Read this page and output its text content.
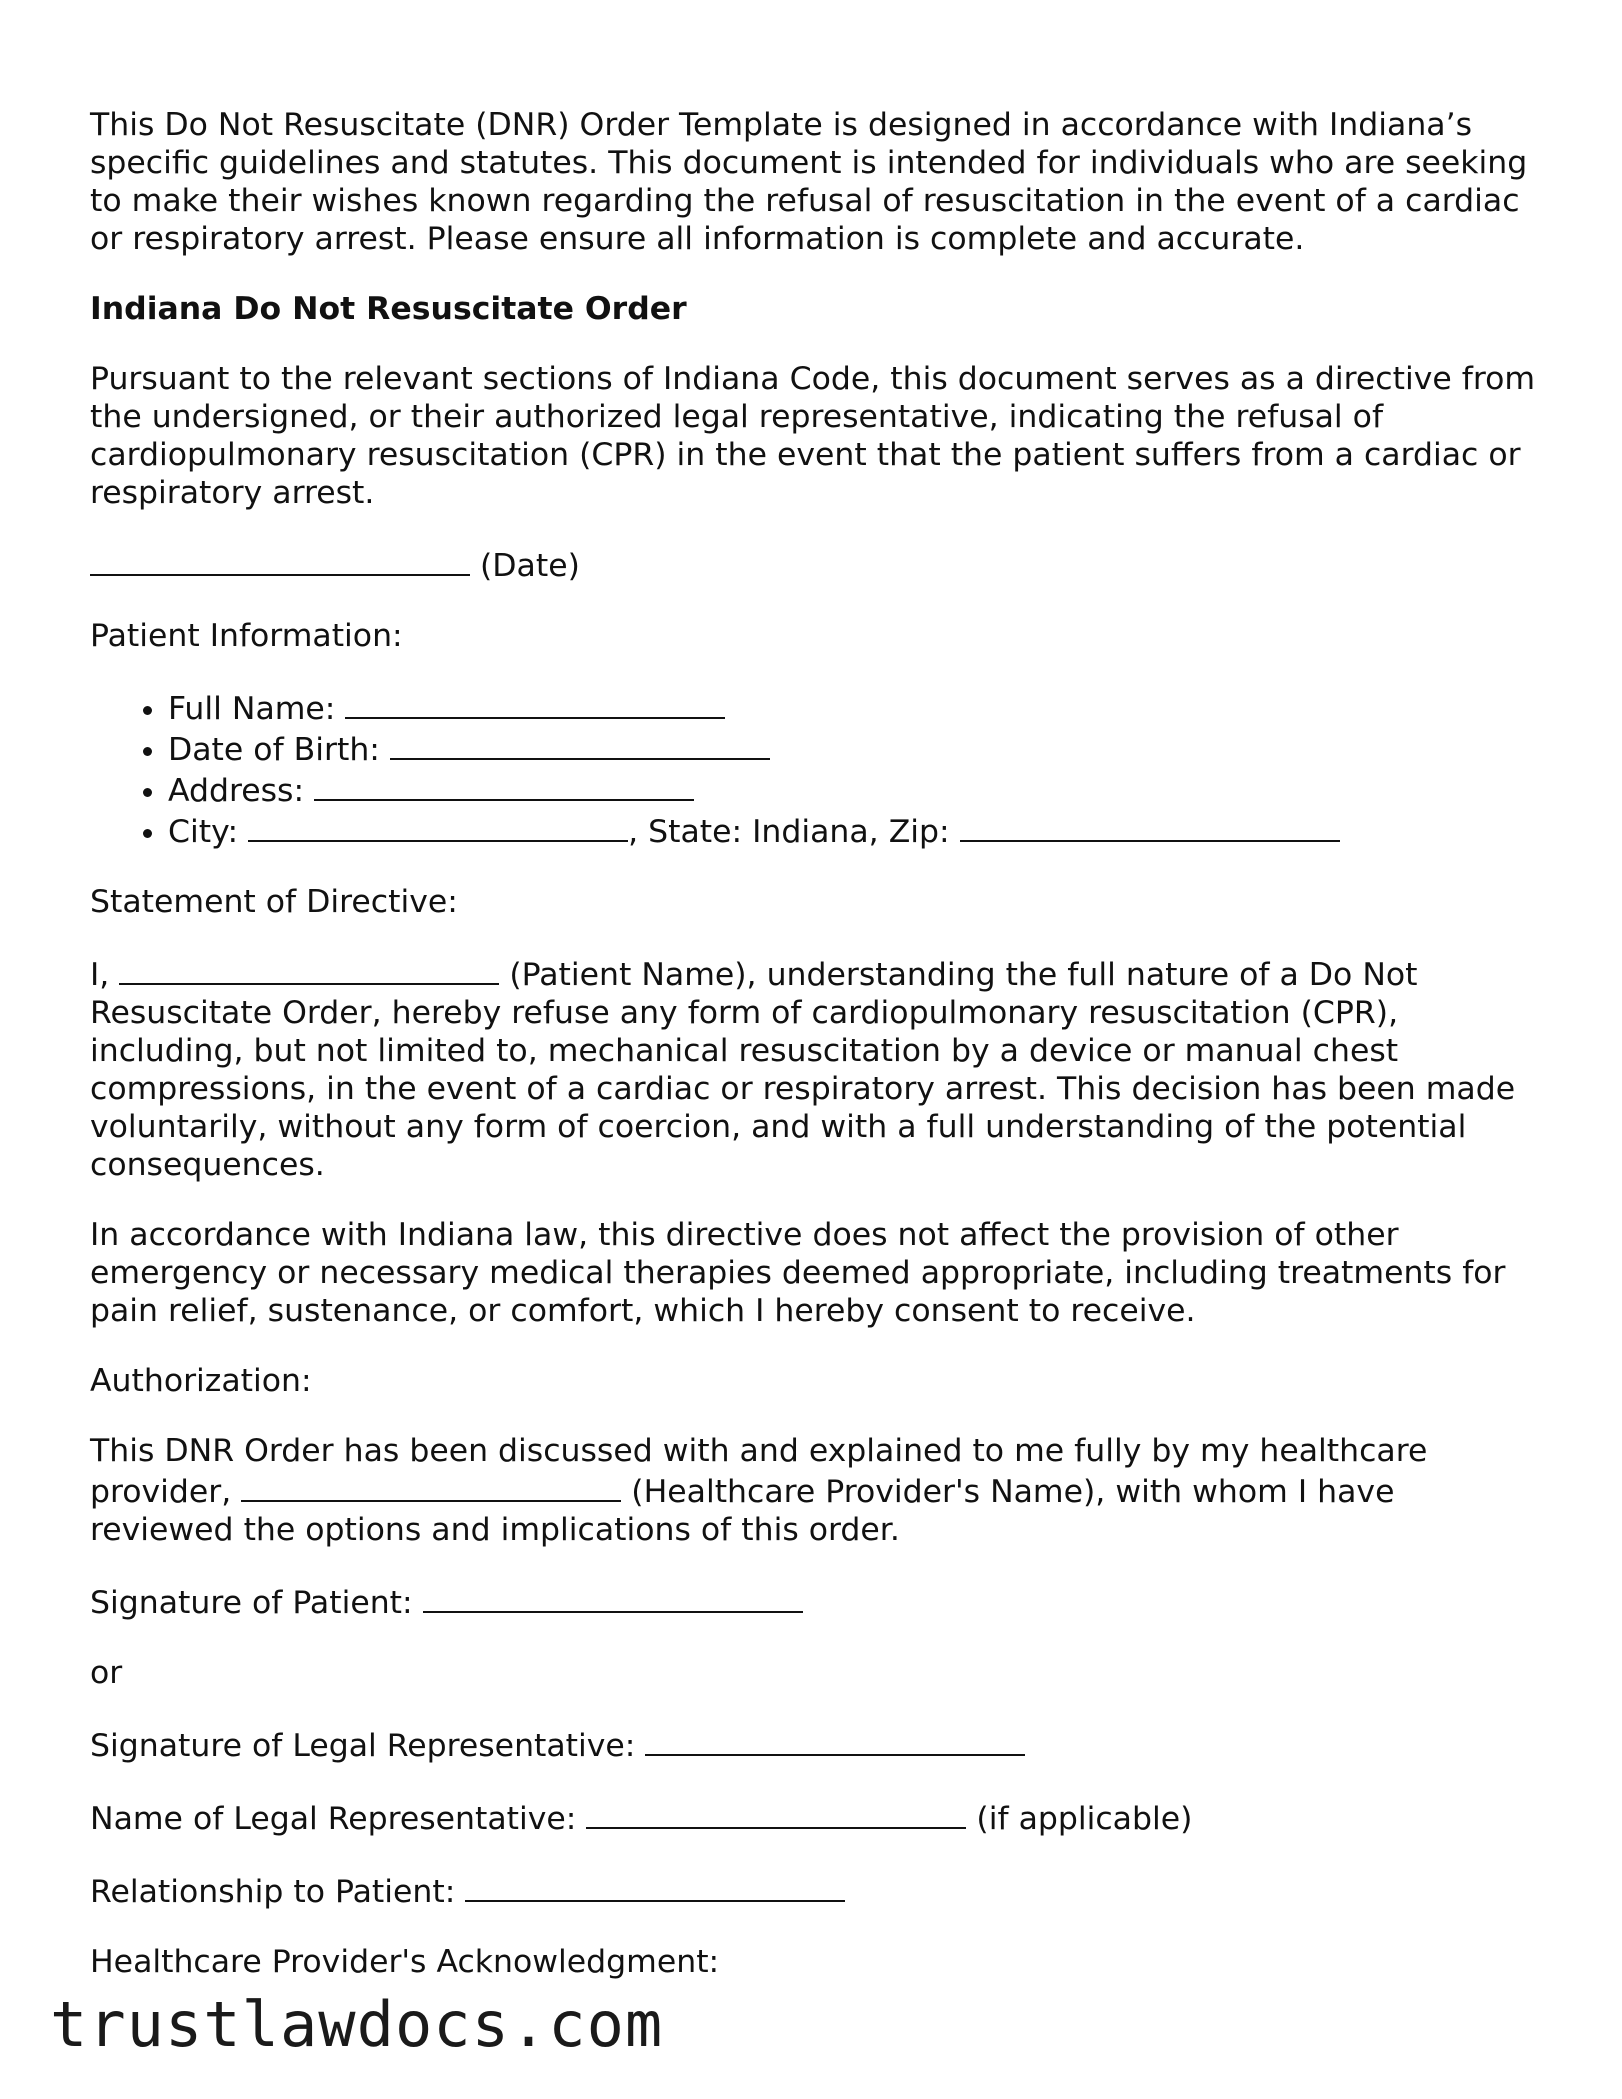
This Do Not Resuscitate (DNR) Order Template is designed in accordance with Indiana’s specific guidelines and statutes. This document is intended for individuals who are seeking to make their wishes known regarding the refusal of resuscitation in the event of a cardiac or respiratory arrest. Please ensure all information is complete and accurate.

Indiana Do Not Resuscitate Order

Pursuant to the relevant sections of Indiana Code, this document serves as a directive from the undersigned, or their authorized legal representative, indicating the refusal of cardiopulmonary resuscitation (CPR) in the event that the patient suffers from a cardiac or respiratory arrest.

(Date)

Patient Information:

• Full Name:
• Date of Birth:
• Address:
• City:	, State: Indiana, Zip:

Statement of Directive:

I,	(Patient Name), understanding the full nature of a Do Not Resuscitate Order, hereby refuse any form of cardiopulmonary resuscitation (CPR), including, but not limited to, mechanical resuscitation by a device or manual chest compressions, in the event of a cardiac or respiratory arrest. This decision has been made voluntarily, without any form of coercion, and with a full understanding of the potential consequences.

In accordance with Indiana law, this directive does not affect the provision of other emergency or necessary medical therapies deemed appropriate, including treatments for pain relief, sustenance, or comfort, which I hereby consent to receive.

Authorization:

This DNR Order has been discussed with and explained to me fully by my healthcare provider,	(Healthcare Provider's Name), with whom I have reviewed the options and implications of this order.

Signature of Patient:

or

Signature of Legal Representative:

Name of Legal Representative:	(if applicable)

Relationship to Patient:

Healthcare Provider's Acknowledgment:

trustlawdocs.com
